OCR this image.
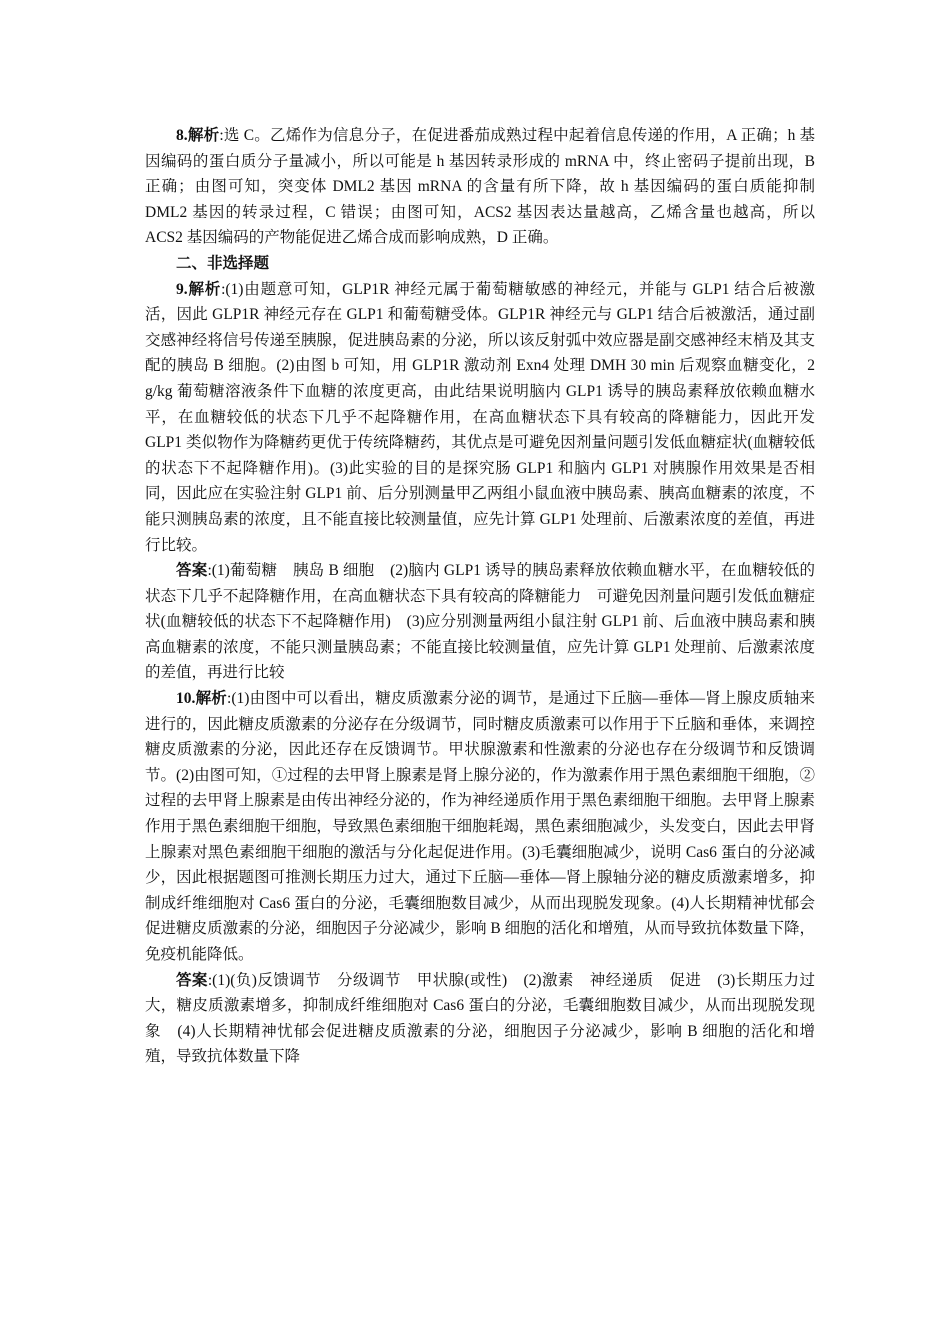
8.解析:选 C。乙烯作为信息分子，在促进番茄成熟过程中起着信息传递的作用，A 正确；h 基因编码的蛋白质分子量减小，所以可能是 h 基因转录形成的 mRNA 中，终止密码子提前出现，B 正确；由图可知，突变体 DML2 基因 mRNA 的含量有所下降，故 h 基因编码的蛋白质能抑制 DML2 基因的转录过程，C 错误；由图可知，ACS2 基因表达量越高，乙烯含量也越高，所以 ACS2 基因编码的产物能促进乙烯合成而影响成熟，D 正确。

二、非选择题

9.解析:(1)由题意可知，GLP1R 神经元属于葡萄糖敏感的神经元，并能与 GLP1 结合后被激活，因此 GLP1R 神经元存在 GLP1 和葡萄糖受体。GLP1R 神经元与 GLP1 结合后被激活，通过副交感神经将信号传递至胰腺，促进胰岛素的分泌，所以该反射弧中效应器是副交感神经末梢及其支配的胰岛 B 细胞。(2)由图 b 可知，用 GLP1R 激动剂 Exn4 处理 DMH 30 min 后观察血糖变化，2 g/kg 葡萄糖溶液条件下血糖的浓度更高，由此结果说明脑内 GLP1 诱导的胰岛素释放依赖血糖水平，在血糖较低的状态下几乎不起降糖作用，在高血糖状态下具有较高的降糖能力，因此开发 GLP1 类似物作为降糖药更优于传统降糖药，其优点是可避免因剂量问题引发低血糖症状(血糖较低的状态下不起降糖作用)。(3)此实验的目的是探究肠 GLP1 和脑内 GLP1 对胰腺作用效果是否相同，因此应在实验注射 GLP1 前、后分别测量甲乙两组小鼠血液中胰岛素、胰高血糖素的浓度，不能只测胰岛素的浓度，且不能直接比较测量值，应先计算 GLP1 处理前、后激素浓度的差值，再进行比较。

答案:(1)葡萄糖　胰岛 B 细胞　(2)脑内 GLP1 诱导的胰岛素释放依赖血糖水平，在血糖较低的状态下几乎不起降糖作用，在高血糖状态下具有较高的降糖能力　可避免因剂量问题引发低血糖症状(血糖较低的状态下不起降糖作用)　(3)应分别测量两组小鼠注射 GLP1 前、后血液中胰岛素和胰高血糖素的浓度，不能只测量胰岛素；不能直接比较测量值，应先计算 GLP1 处理前、后激素浓度的差值，再进行比较

10.解析:(1)由图中可以看出，糖皮质激素分泌的调节，是通过下丘脑—垂体—肾上腺皮质轴来进行的，因此糖皮质激素的分泌存在分级调节，同时糖皮质激素可以作用于下丘脑和垂体，来调控糖皮质激素的分泌，因此还存在反馈调节。甲状腺激素和性激素的分泌也存在分级调节和反馈调节。(2)由图可知，①过程的去甲肾上腺素是肾上腺分泌的，作为激素作用于黑色素细胞干细胞，②过程的去甲肾上腺素是由传出神经分泌的，作为神经递质作用于黑色素细胞干细胞。去甲肾上腺素作用于黑色素细胞干细胞，导致黑色素细胞干细胞耗竭，黑色素细胞减少，头发变白，因此去甲肾上腺素对黑色素细胞干细胞的激活与分化起促进作用。(3)毛囊细胞减少，说明 Cas6 蛋白的分泌减少，因此根据题图可推测长期压力过大，通过下丘脑—垂体—肾上腺轴分泌的糖皮质激素增多，抑制成纤维细胞对 Cas6 蛋白的分泌，毛囊细胞数目减少，从而出现脱发现象。(4)人长期精神忧郁会促进糖皮质激素的分泌，细胞因子分泌减少，影响 B 细胞的活化和增殖，从而导致抗体数量下降，免疫机能降低。

答案:(1)(负)反馈调节　分级调节　甲状腺(或性)　(2)激素　神经递质　促进　(3)长期压力过大，糖皮质激素增多，抑制成纤维细胞对 Cas6 蛋白的分泌，毛囊细胞数目减少，从而出现脱发现象　(4)人长期精神忧郁会促进糖皮质激素的分泌，细胞因子分泌减少，影响 B 细胞的活化和增殖，导致抗体数量下降
